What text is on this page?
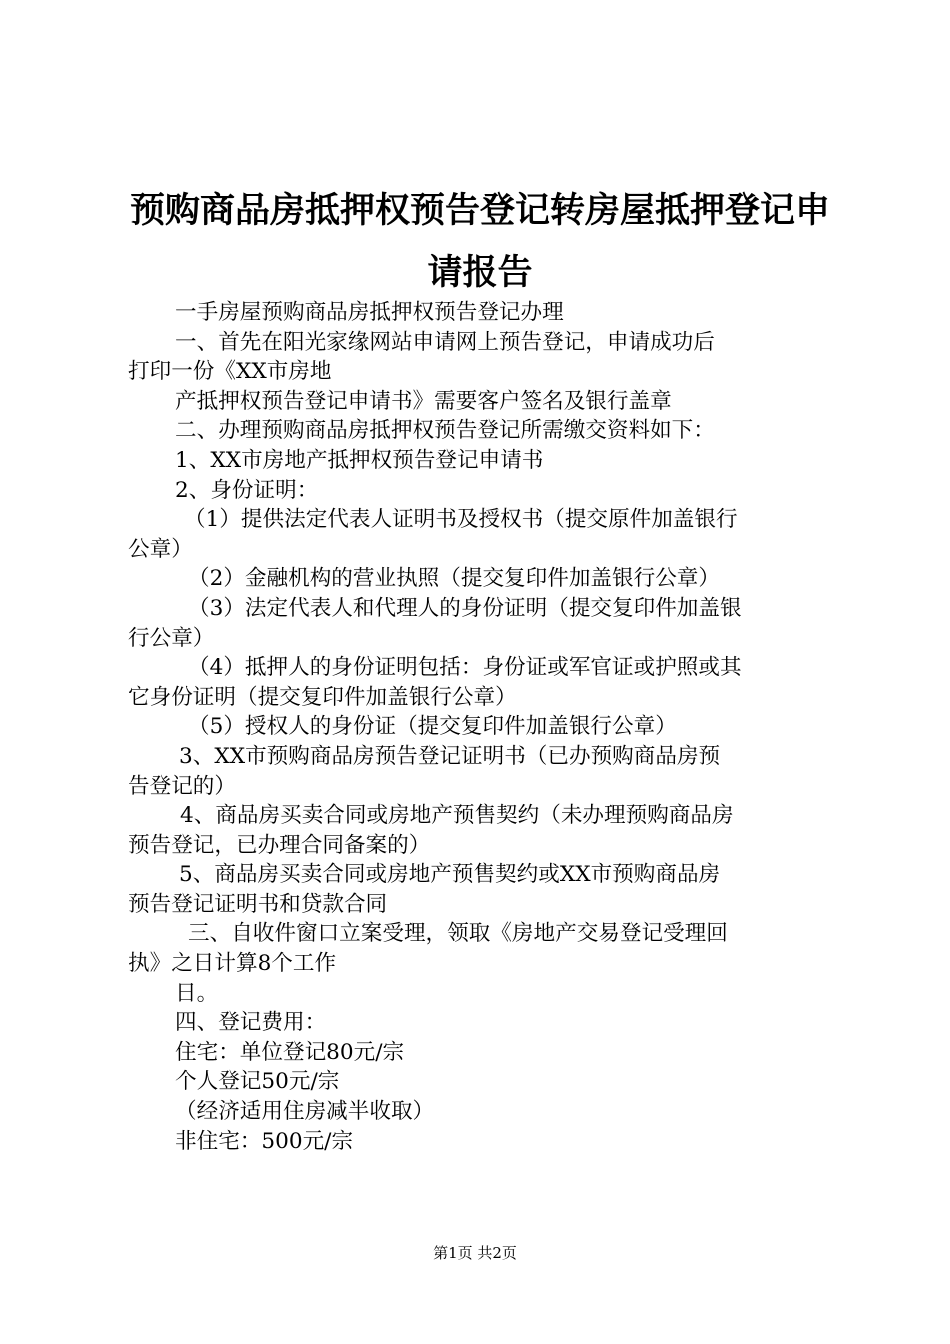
预购商品房抵押权预告登记转房屋抵押登记申
请报告
一手房屋预购商品房抵押权预告登记办理
一、首先在阳光家缘网站申请网上预告登记，申请成功后
打印一份《XX市房地
产抵押权预告登记申请书》需要客户签名及银行盖章
二、办理预购商品房抵押权预告登记所需缴交资料如下：
1、XX市房地产抵押权预告登记申请书
2、身份证明：
（1）提供法定代表人证明书及授权书（提交原件加盖银行
公章）
（2）金融机构的营业执照（提交复印件加盖银行公章）
（3）法定代表人和代理人的身份证明（提交复印件加盖银
行公章）
（4）抵押人的身份证明包括：身份证或军官证或护照或其
它身份证明（提交复印件加盖银行公章）
（5）授权人的身份证（提交复印件加盖银行公章）
3、XX市预购商品房预告登记证明书（已办预购商品房预
告登记的）
4、商品房买卖合同或房地产预售契约（未办理预购商品房
预告登记，已办理合同备案的）
5、商品房买卖合同或房地产预售契约或XX市预购商品房
预告登记证明书和贷款合同
三、自收件窗口立案受理，领取《房地产交易登记受理回
执》之日计算8个工作
日。
四、登记费用：
住宅：单位登记80元/宗
个人登记50元/宗
（经济适用住房减半收取）
非住宅：500元/宗
第1页 共2页
